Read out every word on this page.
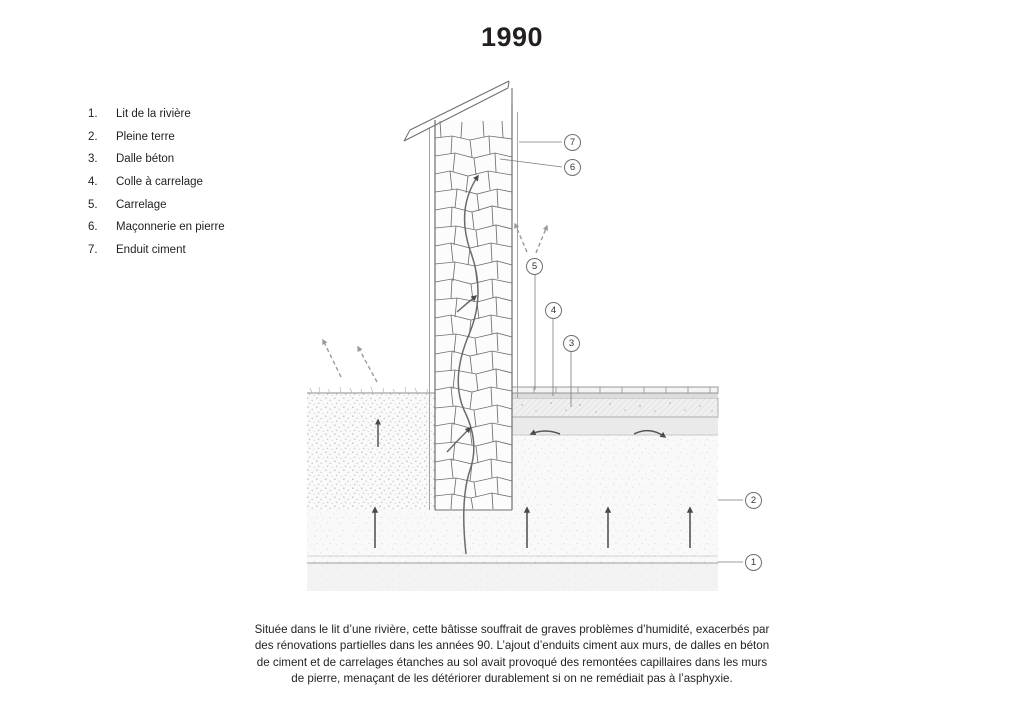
1990
1.	Lit de la rivière
2.	Pleine terre
3.	Dalle béton
4.	Colle à carrelage
5.	Carrelage
6.	Maçonnerie en pierre
7.	Enduit ciment
7
6
5
4
3
2
1
Située dans le lit d’une rivière, cette bâtisse souffrait de graves problèmes d’humidité, exacerbés par des rénovations partielles dans les années 90. L’ajout d’enduits ciment aux murs, de dalles en béton de ciment et de carrelages étanches au sol avait provoqué des remontées capillaires dans les murs de pierre, menaçant de les détériorer durablement si on ne remédiait pas à l’asphyxie.
